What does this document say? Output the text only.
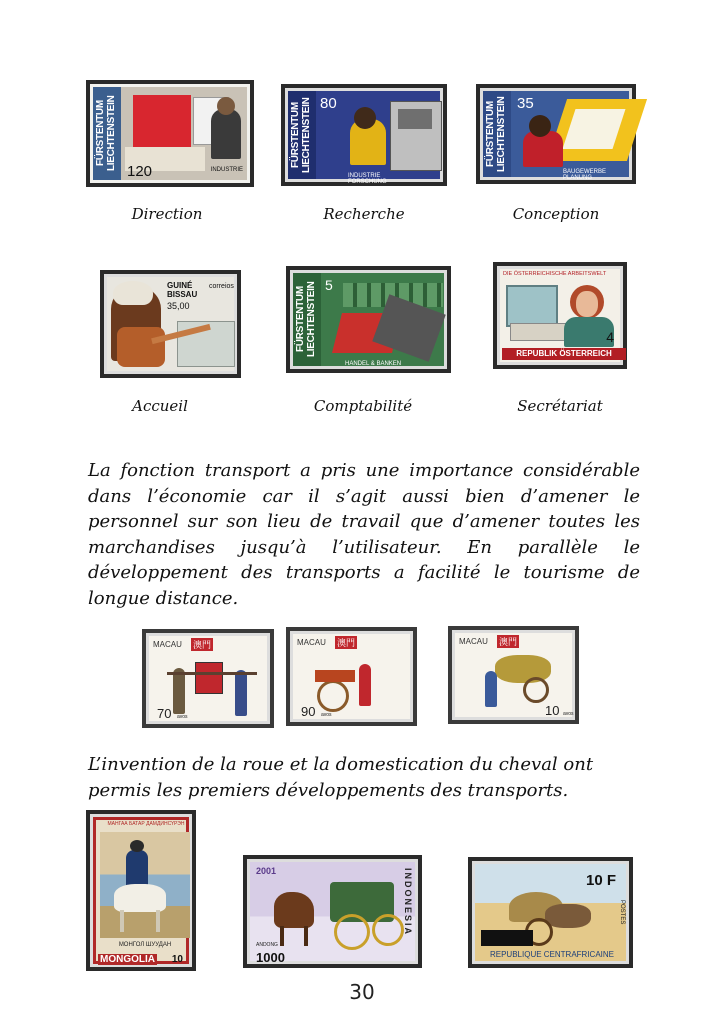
FÜRSTENTUM LIECHTENSTEIN
120	INDUSTRIE
FÜRSTENTUM LIECHTENSTEIN 80
INDUSTRIE FORSCHUNG
FÜRSTENTUM LIECHTENSTEIN 35
BAUGEWERBE PLANUNG
Direction	Recherche	Conception
GUINÉ BISSAU
35,00
correios
FÜRSTENTUM LIECHTENSTEIN 5
HANDEL & BANKEN
DIE ÖSTERREICHISCHE ARBEITSWELT
4
REPUBLIK ÖSTERREICH
Accueil	Comptabilité	Secrétariat

La fonction transport a pris une importance considérable dans l’économie car il s’agit aussi bien d’amener le personnel sur son lieu de travail que d’amener toutes les marchandises jusqu’à l’utilisateur. En parallèle le développement des transports a facilité le tourisme de longue distance.

MACAU 澳門
70 avos
MACAU 澳門
90 avos
MACAU 澳門
10 avos

L’invention de la roue et la domestication du cheval ont permis les premiers développements des transports.

МАНГАА БАТАР ДАМДИНСҮРЭН
МОНГОЛ ШУУДАН
MONGOLIA 10
2001
ANDONG
1000
INDONESIA	10 F
POSTES
REPUBLIQUE CENTRAFRICAINE
30
